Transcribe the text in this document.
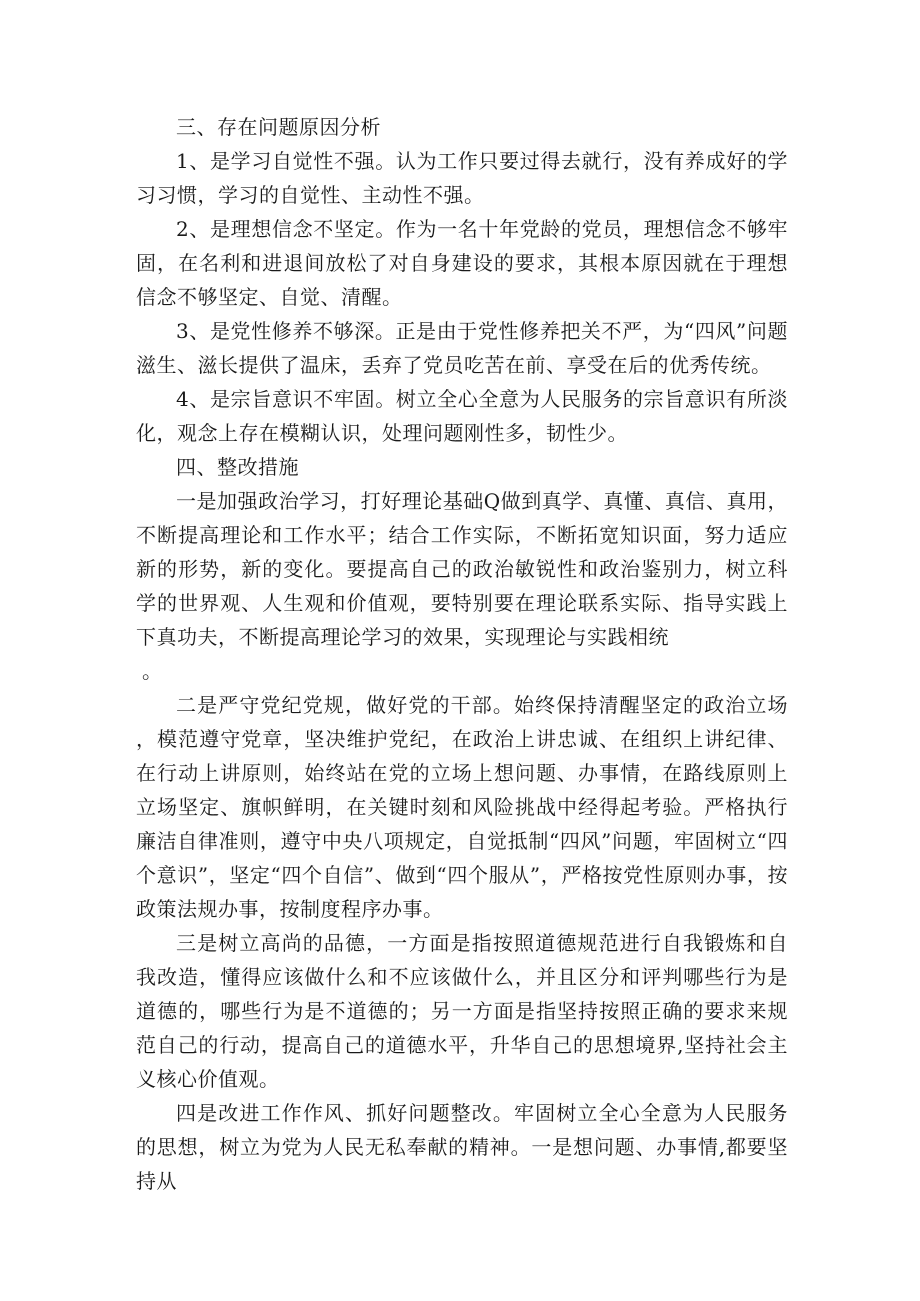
三、存在问题原因分析

1、是学习自觉性不强。认为工作只要过得去就行，没有养成好的学习习惯，学习的自觉性、主动性不强。

2、是理想信念不坚定。作为一名十年党龄的党员，理想信念不够牢固，在名利和进退间放松了对自身建设的要求，其根本原因就在于理想信念不够坚定、自觉、清醒。

3、是党性修养不够深。正是由于党性修养把关不严，为“四风”问题滋生、滋长提供了温床，丢弃了党员吃苦在前、享受在后的优秀传统。

4、是宗旨意识不牢固。树立全心全意为人民服务的宗旨意识有所淡化，观念上存在模糊认识，处理问题刚性多，韧性少。

四、整改措施

一是加强政治学习，打好理论基础Q做到真学、真懂、真信、真用，不断提高理论和工作水平；结合工作实际，不断拓宽知识面，努力适应新的形势，新的变化。要提高自己的政治敏锐性和政治鉴别力，树立科学的世界观、人生观和价值观，要特别要在理论联系实际、指导实践上下真功夫，不断提高理论学习的效果，实现理论与实践相统

。

二是严守党纪党规，做好党的干部。始终保持清醒坚定的政治立场，模范遵守党章，坚决维护党纪，在政治上讲忠诚、在组织上讲纪律、在行动上讲原则，始终站在党的立场上想问题、办事情，在路线原则上立场坚定、旗帜鲜明，在关键时刻和风险挑战中经得起考验。严格执行廉洁自律准则，遵守中央八项规定，自觉抵制“四风”问题，牢固树立“四个意识”，坚定“四个自信”、做到“四个服从”，严格按党性原则办事，按政策法规办事，按制度程序办事。

三是树立高尚的品德，一方面是指按照道德规范进行自我锻炼和自我改造，懂得应该做什么和不应该做什么，并且区分和评判哪些行为是道德的，哪些行为是不道德的；另一方面是指坚持按照正确的要求来规范自己的行动，提高自己的道德水平，升华自己的思想境界,坚持社会主义核心价值观。

四是改进工作作风、抓好问题整改。牢固树立全心全意为人民服务的思想，树立为党为人民无私奉献的精神。一是想问题、办事情,都要坚持从
